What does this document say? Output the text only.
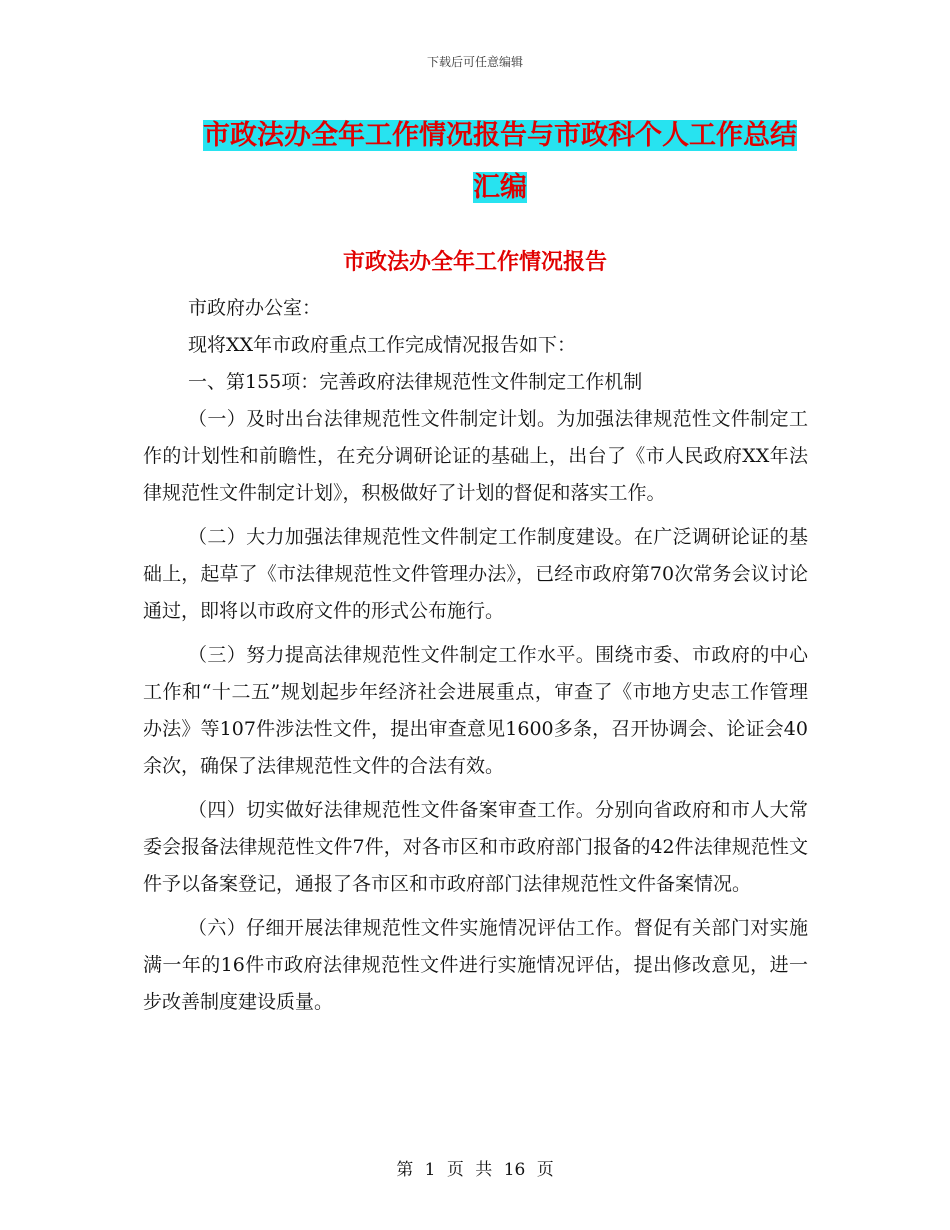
下载后可任意编辑
市政法办全年工作情况报告与市政科个人工作总结汇编
市政法办全年工作情况报告

市政府办公室：

现将XX年市政府重点工作完成情况报告如下：

一、第155项：完善政府法律规范性文件制定工作机制

（一）及时出台法律规范性文件制定计划。为加强法律规范性文件制定工作的计划性和前瞻性，在充分调研论证的基础上，出台了《市人民政府XX年法律规范性文件制定计划》，积极做好了计划的督促和落实工作。

（二）大力加强法律规范性文件制定工作制度建设。在广泛调研论证的基础上，起草了《市法律规范性文件管理办法》，已经市政府第70次常务会议讨论通过，即将以市政府文件的形式公布施行。

（三）努力提高法律规范性文件制定工作水平。围绕市委、市政府的中心工作和“十二五”规划起步年经济社会进展重点，审查了《市地方史志工作管理办法》等107件涉法性文件，提出审查意见1600多条，召开协调会、论证会40余次，确保了法律规范性文件的合法有效。

（四）切实做好法律规范性文件备案审查工作。分别向省政府和市人大常委会报备法律规范性文件7件，对各市区和市政府部门报备的42件法律规范性文件予以备案登记，通报了各市区和市政府部门法律规范性文件备案情况。

（六）仔细开展法律规范性文件实施情况评估工作。督促有关部门对实施满一年的16件市政府法律规范性文件进行实施情况评估，提出修改意见，进一步改善制度建设质量。

第 1 页 共 16 页
